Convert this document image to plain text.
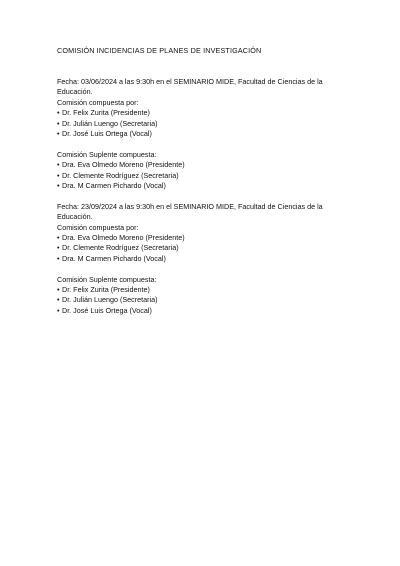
COMISIÓN INCIDENCIAS DE PLANES DE INVESTIGACIÓN

Fecha: 03/06/2024 a las 9:30h en el SEMINARIO MIDE, Facultad de Ciencias de la Educación.

Comisión compuesta por:

• Dr. Felix Zurita (Presidente)
• Dr. Julián Luengo (Secretaria)
• Dr. José Luis Ortega (Vocal)

Comisión Suplente compuesta:

• Dra. Eva Olmedo Moreno (Presidente)
• Dr. Clemente Rodríguez (Secretaria)
• Dra. M Carmen Pichardo (Vocal)

Fecha: 23/09/2024 a las 9:30h en el SEMINARIO MIDE, Facultad de Ciencias de la Educación.

Comisión compuesta por:

• Dra. Eva Olmedo Moreno (Presidente)
• Dr. Clemente Rodríguez (Secretaria)
• Dra. M Carmen Pichardo (Vocal)

Comisión Suplente compuesta:

• Dr. Felix Zurita (Presidente)
• Dr. Julián Luengo (Secretaria)
• Dr. José Luis Ortega (Vocal)
